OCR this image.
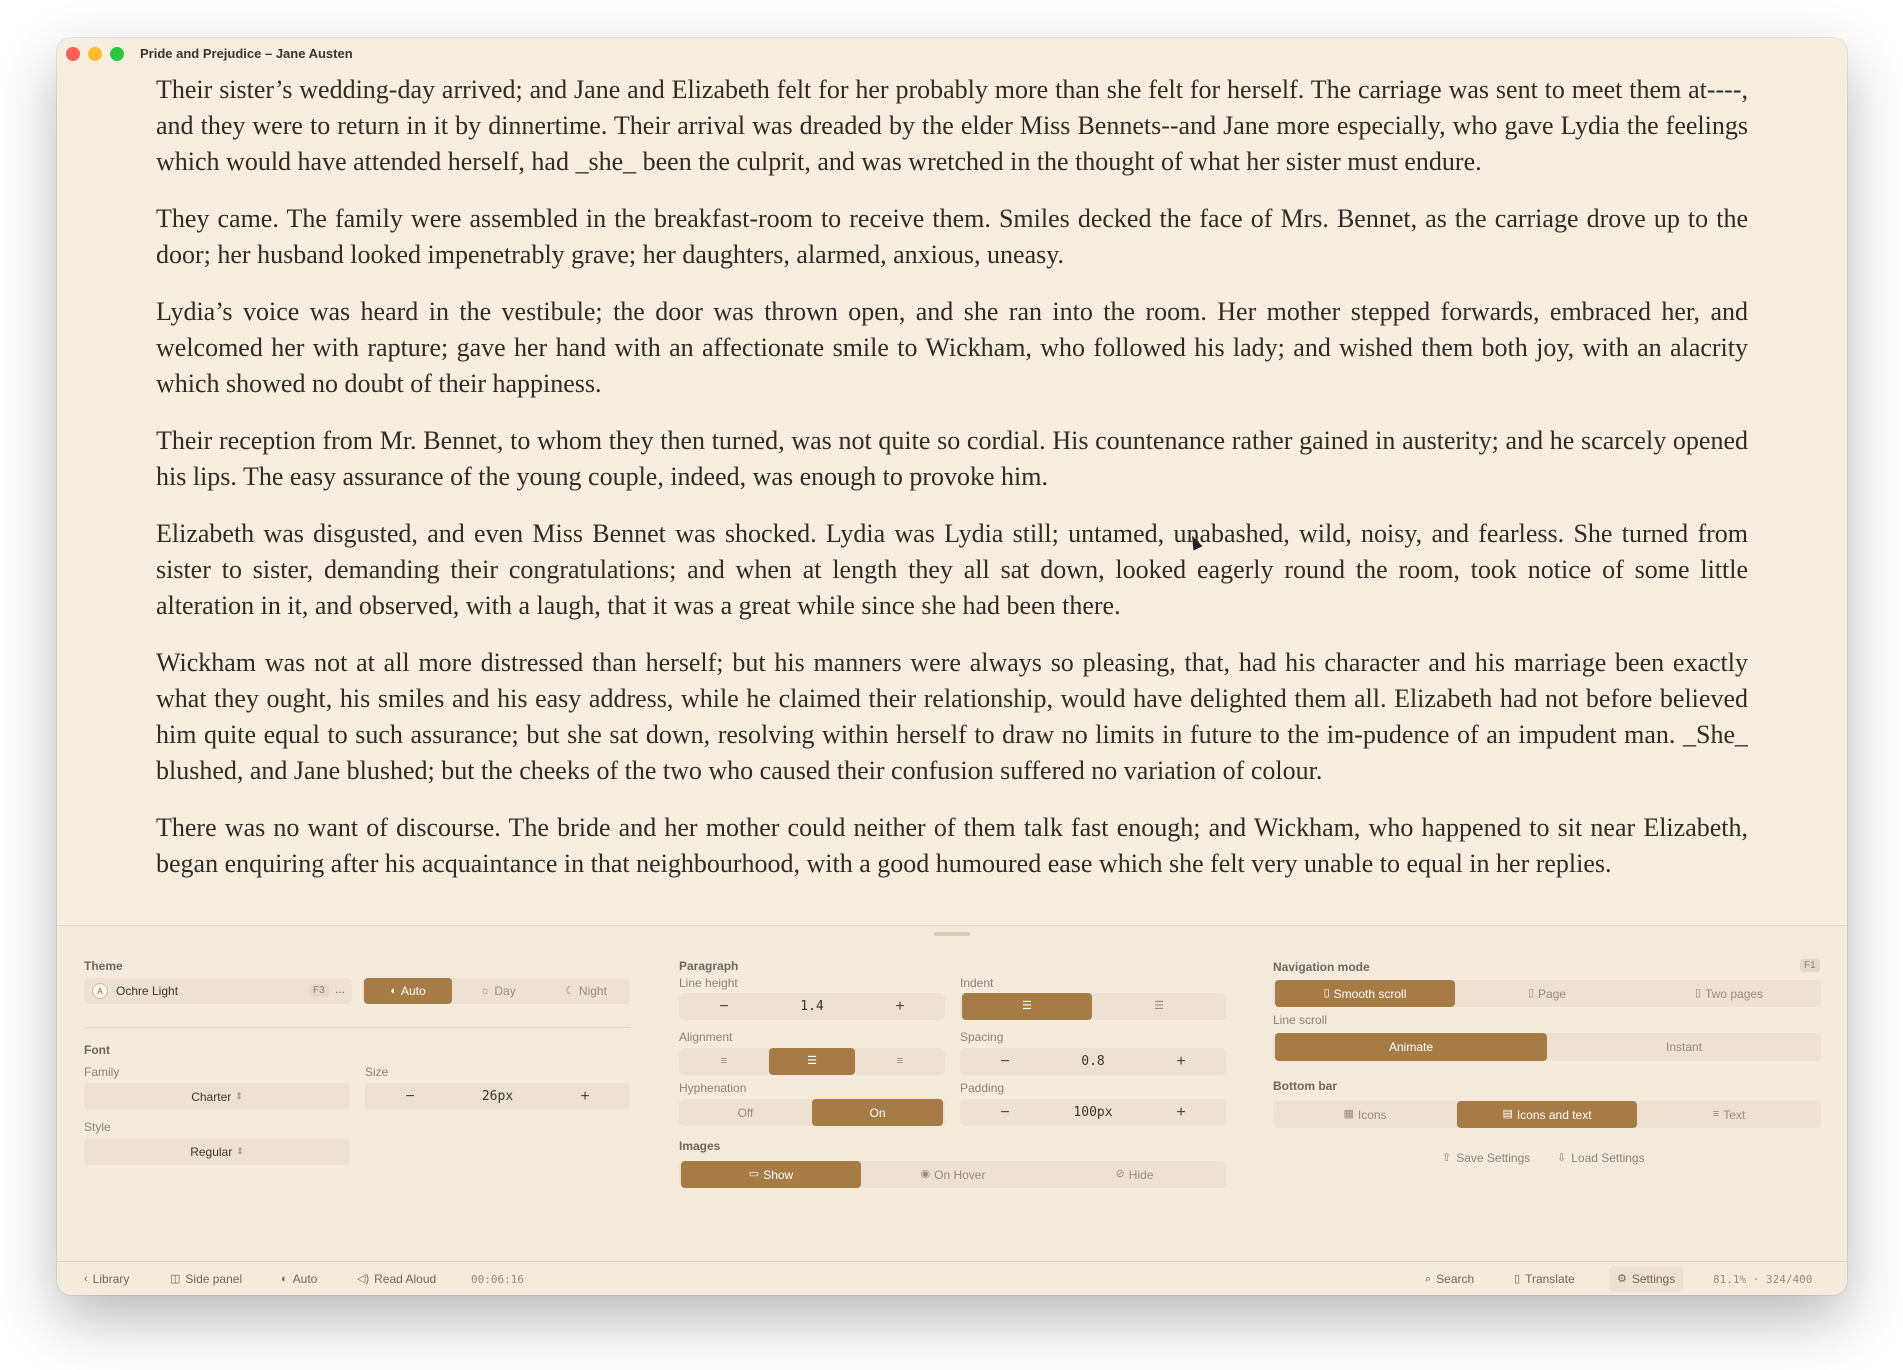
Pride and Prejudice – Jane Austen

Their sister’s wedding-day arrived; and Jane and Elizabeth felt for her probably more than she felt for herself. The carriage was sent to meet them at----, and they were to return in it by dinnertime. Their arrival was dreaded by the elder Miss Bennets--and Jane more especially, who gave Lydia the feelings which would have attended herself, had _she_ been the culprit, and was wretched in the thought of what her sister must endure.

They came. The family were assembled in the breakfast-room to receive them. Smiles decked the face of Mrs. Bennet, as the carriage drove up to the door; her husband looked impenetrably grave; her daughters, alarmed, anxious, uneasy.

Lydia’s voice was heard in the vestibule; the door was thrown open, and she ran into the room. Her mother stepped forwards, embraced her, and welcomed her with rapture; gave her hand with an affectionate smile to Wickham, who followed his lady; and wished them both joy, with an alacrity which showed no doubt of their happiness.

Their reception from Mr. Bennet, to whom they then turned, was not quite so cordial. His countenance rather gained in austerity; and he scarcely opened his lips. The easy assurance of the young couple, indeed, was enough to provoke him.

Elizabeth was disgusted, and even Miss Bennet was shocked. Lydia was Lydia still; untamed, unabashed, wild, noisy, and fearless. She turned from sister to sister, demanding their congratulations; and when at length they all sat down, looked eagerly round the room, took notice of some little alteration in it, and observed, with a laugh, that it was a great while since she had been there.

Wickham was not at all more distressed than herself; but his manners were always so pleasing, that, had his character and his marriage been exactly what they ought, his smiles and his easy address, while he claimed their relationship, would have delighted them all. Elizabeth had not before believed him quite equal to such assurance; but she sat down, resolving within herself to draw no limits in future to the im-pudence of an impudent man. _She_ blushed, and Jane blushed; but the cheeks of the two who caused their confusion suffered no variation of colour.

There was no want of discourse. The bride and her mother could neither of them talk fast enough; and Wickham, who happened to sit near Elizabeth, began enquiring after his acquaintance in that neighbourhood, with a good humoured ease which she felt very unable to equal in her replies.

Theme
A	Ochre Light	F3 ...	◐ Auto	☼ Day	☾ Night
Font
Family
Charter ⇕
Size
−	26px	+
Style
Regular ⇕
Paragraph
Line height
−	1.4	+
Indent
☰	☰
Alignment
≡	☰	≡
Spacing
−	0.8	+
Hyphenation
Off	On
Padding
−	100px	+
Images
▭ Show	◉ On Hover	⊘ Hide
Navigation mode	F1
▯ Smooth scroll	▯ Page	▯ Two pages
Line scroll
Animate	Instant
Bottom bar
▦ Icons	▤ Icons and text	≡ Text
⇧ Save Settings ⇩ Load Settings
‹ Library	◫ Side panel	◐ Auto	◁) Read Aloud	00:06:16	⌕ Search	▯ Translate	⚙ Settings	81.1% · 324/400
